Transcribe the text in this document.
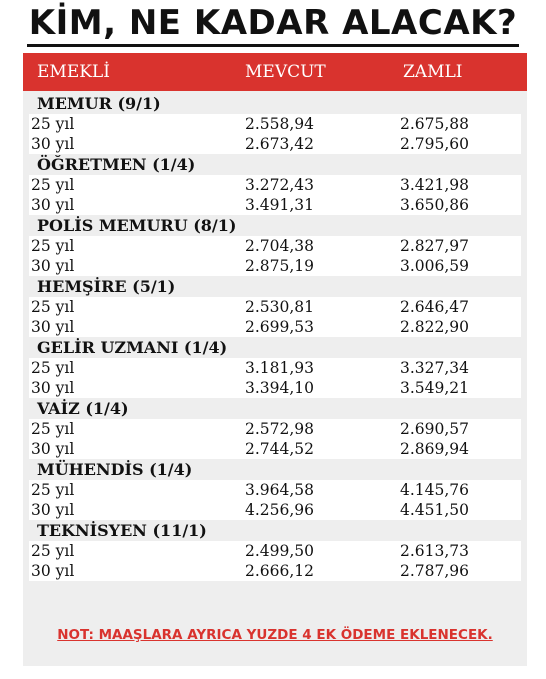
KİM, NE KADAR ALACAK?
EMEKLİ	MEVCUT	ZAMLI
MEMUR (9/1)
25 yıl	2.558,94	2.675,88
30 yıl	2.673,42	2.795,60
ÖĞRETMEN (1/4)
25 yıl	3.272,43	3.421,98
30 yıl	3.491,31	3.650,86
POLİS MEMURU (8/1)
25 yıl	2.704,38	2.827,97
30 yıl	2.875,19	3.006,59
HEMŞİRE (5/1)
25 yıl	2.530,81	2.646,47
30 yıl	2.699,53	2.822,90
GELİR UZMANI (1/4)
25 yıl	3.181,93	3.327,34
30 yıl	3.394,10	3.549,21
VAİZ (1/4)
25 yıl	2.572,98	2.690,57
30 yıl	2.744,52	2.869,94
MÜHENDİS (1/4)
25 yıl	3.964,58	4.145,76
30 yıl	4.256,96	4.451,50
TEKNİSYEN (11/1)
25 yıl	2.499,50	2.613,73
30 yıl	2.666,12	2.787,96
NOT: MAAŞLARA AYRICA YUZDE 4 EK ÖDEME EKLENECEK.
